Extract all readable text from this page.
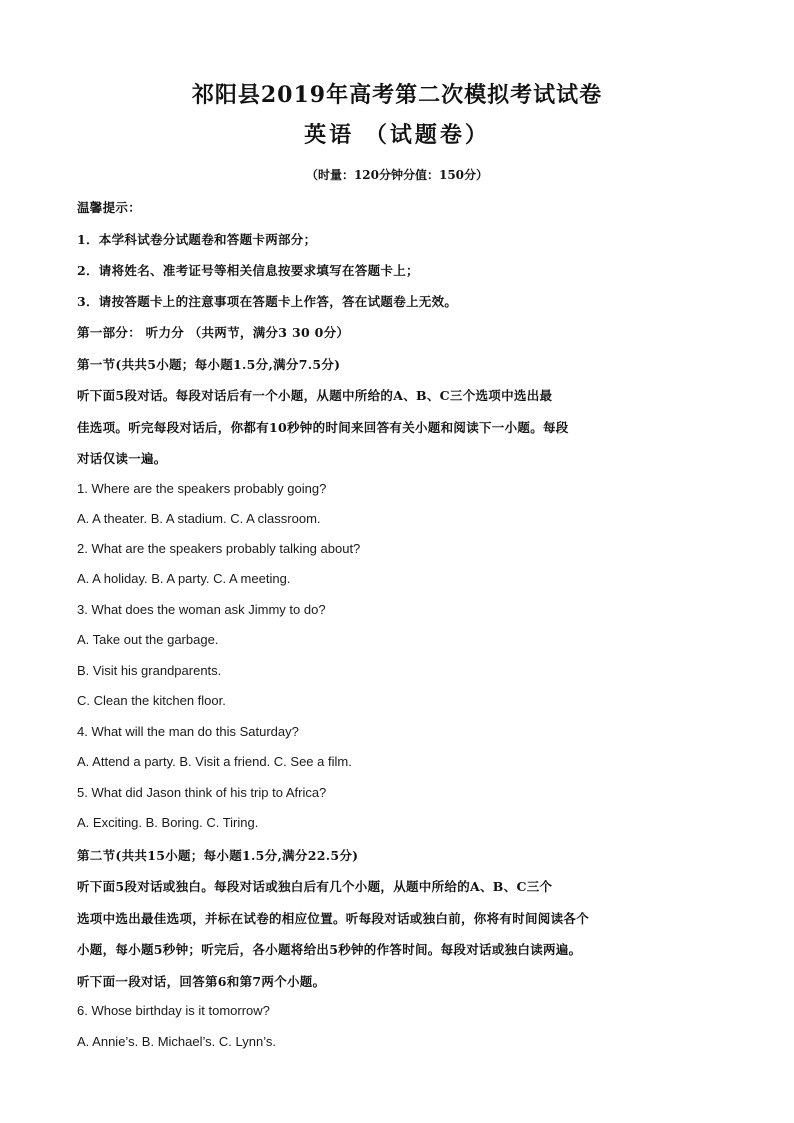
祁阳县2019年高考第二次模拟考试试卷
英语 （试题卷）
（时量：120分钟分值：150分）
温馨提示：
1．本学科试卷分试题卷和答题卡两部分；
2．请将姓名、准考证号等相关信息按要求填写在答题卡上；
3．请按答题卡上的注意事项在答题卡上作答，答在试题卷上无效。
第一部分： 听力分 （共两节，满分3 30 0分）
第一节(共共5小题；每小题1.5分,满分7.5分)
听下面5段对话。每段对话后有一个小题，从题中所给的A、B、C三个选项中选出最
佳选项。听完每段对话后，你都有10秒钟的时间来回答有关小题和阅读下一小题。每段
对话仅读一遍。
1. Where are the speakers probably going?
A. A theater. B. A stadium. C. A classroom.
2. What are the speakers probably talking about?
A. A holiday. B. A party. C. A meeting.
3. What does the woman ask Jimmy to do?
A. Take out the garbage.
B. Visit his grandparents.
C. Clean the kitchen floor.
4. What will the man do this Saturday?
A. Attend a party. B. Visit a friend. C. See a film.
5. What did Jason think of his trip to Africa?
A. Exciting. B. Boring. C. Tiring.
第二节(共共15小题；每小题1.5分,满分22.5分)
听下面5段对话或独白。每段对话或独白后有几个小题，从题中所给的A、B、C三个
选项中选出最佳选项，并标在试卷的相应位置。听每段对话或独白前，你将有时间阅读各个
小题，每小题5秒钟；听完后，各小题将给出5秒钟的作答时间。每段对话或独白读两遍。
听下面一段对话，回答第6和第7两个小题。
6. Whose birthday is it tomorrow?
A. Annie’s. B. Michael’s. C. Lynn’s.
